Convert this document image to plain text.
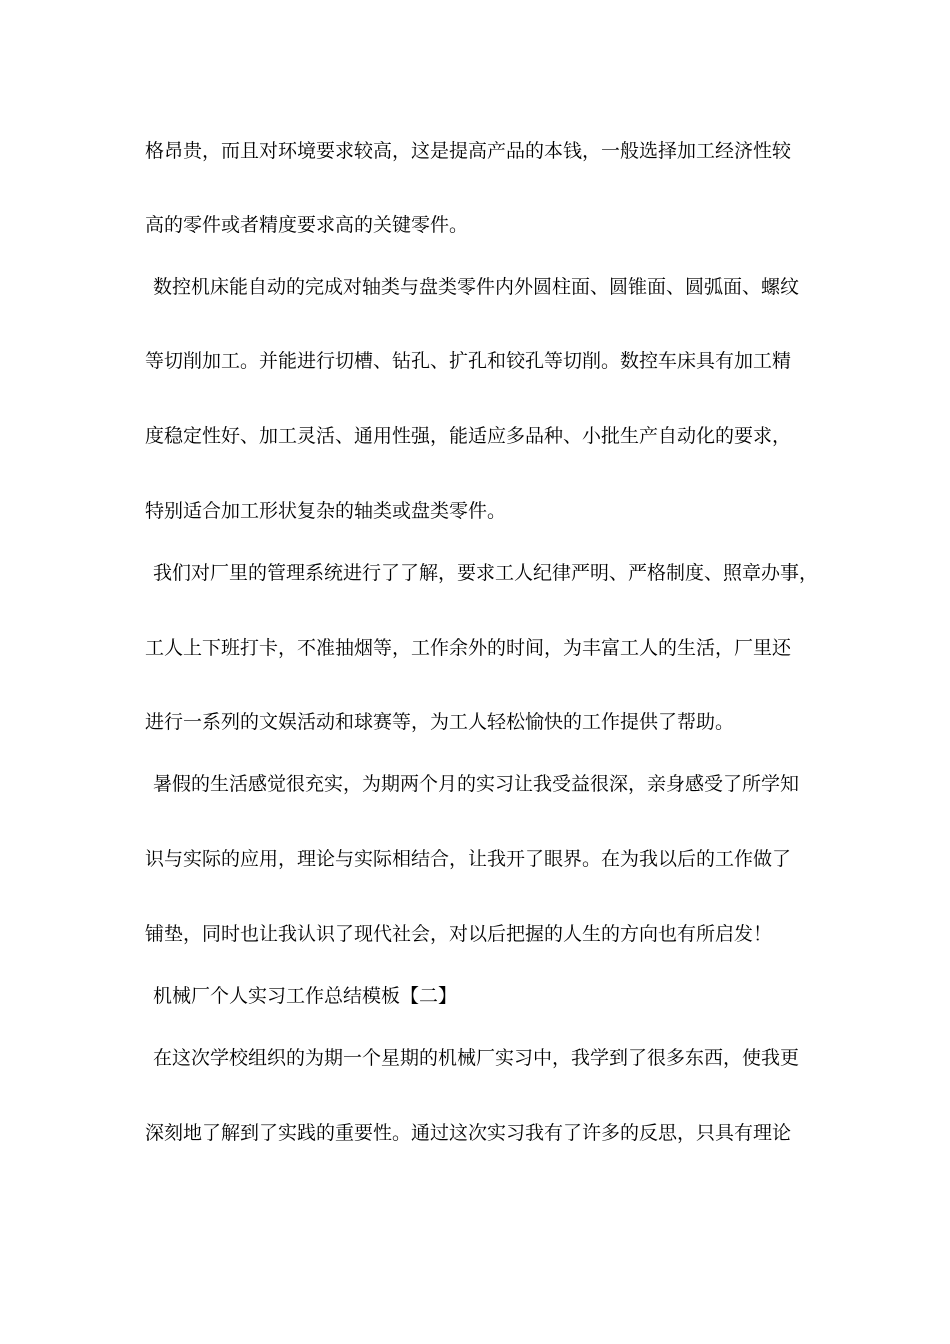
格昂贵，而且对环境要求较高，这是提高产品的本钱，一般选择加工经济性较
高的零件或者精度要求高的关键零件。
数控机床能自动的完成对轴类与盘类零件内外圆柱面、圆锥面、圆弧面、螺纹
等切削加工。并能进行切槽、钻孔、扩孔和铰孔等切削。数控车床具有加工精
度稳定性好、加工灵活、通用性强，能适应多品种、小批生产自动化的要求，
特别适合加工形状复杂的轴类或盘类零件。
我们对厂里的管理系统进行了了解，要求工人纪律严明、严格制度、照章办事，
工人上下班打卡，不准抽烟等，工作余外的时间，为丰富工人的生活，厂里还
进行一系列的文娱活动和球赛等，为工人轻松愉快的工作提供了帮助。
暑假的生活感觉很充实，为期两个月的实习让我受益很深，亲身感受了所学知
识与实际的应用，理论与实际相结合，让我开了眼界。在为我以后的工作做了
铺垫，同时也让我认识了现代社会，对以后把握的人生的方向也有所启发！
机械厂个人实习工作总结模板【二】
在这次学校组织的为期一个星期的机械厂实习中，我学到了很多东西，使我更
深刻地了解到了实践的重要性。通过这次实习我有了许多的反思，只具有理论
